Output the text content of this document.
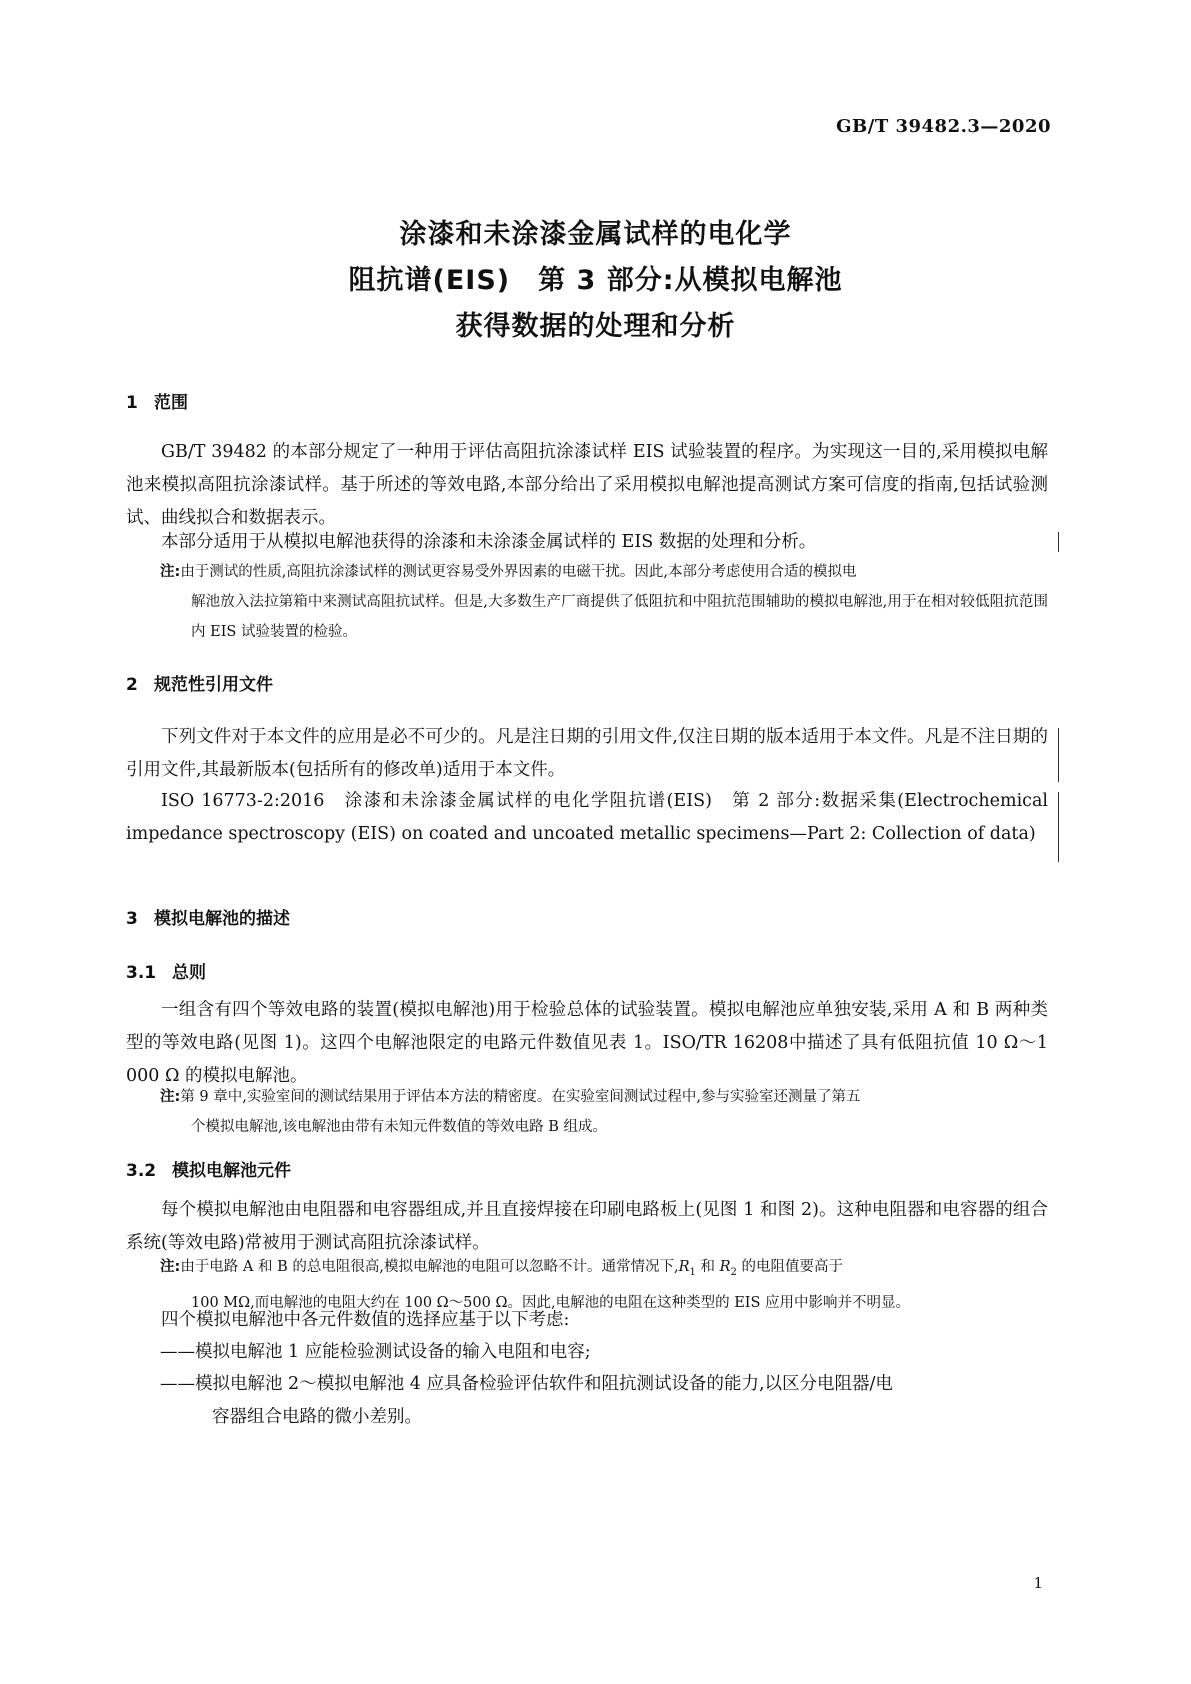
GB/T 39482.3—2020
涂漆和未涂漆金属试样的电化学
阻抗谱(EIS)　第 3 部分:从模拟电解池
获得数据的处理和分析
1 范围

GB/T 39482 的本部分规定了一种用于评估高阻抗涂漆试样 EIS 试验装置的程序。为实现这一目的,采用模拟电解池来模拟高阻抗涂漆试样。基于所述的等效电路,本部分给出了采用模拟电解池提高测试方案可信度的指南,包括试验测试、曲线拟合和数据表示。

本部分适用于从模拟电解池获得的涂漆和未涂漆金属试样的 EIS 数据的处理和分析。

注:由于测试的性质,高阻抗涂漆试样的测试更容易受外界因素的电磁干扰。因此,本部分考虑使用合适的模拟电
解池放入法拉第箱中来测试高阻抗试样。但是,大多数生产厂商提供了低阻抗和中阻抗范围辅助的模拟电解池,用于在相对较低阻抗范围内 EIS 试验装置的检验。
2 规范性引用文件

下列文件对于本文件的应用是必不可少的。凡是注日期的引用文件,仅注日期的版本适用于本文件。凡是不注日期的引用文件,其最新版本(包括所有的修改单)适用于本文件。

ISO 16773-2:2016　涂漆和未涂漆金属试样的电化学阻抗谱(EIS)　第 2 部分:数据采集(Electrochemical impedance spectroscopy (EIS) on coated and uncoated metallic specimens—Part 2: Collection of data)

3 模拟电解池的描述
3.1 总则

一组含有四个等效电路的装置(模拟电解池)用于检验总体的试验装置。模拟电解池应单独安装,采用 A 和 B 两种类型的等效电路(见图 1)。这四个电解池限定的电路元件数值见表 1。ISO/TR 16208中描述了具有低阻抗值 10 Ω～1 000 Ω 的模拟电解池。

注:第 9 章中,实验室间的测试结果用于评估本方法的精密度。在实验室间测试过程中,参与实验室还测量了第五
个模拟电解池,该电解池由带有未知元件数值的等效电路 B 组成。
3.2 模拟电解池元件

每个模拟电解池由电阻器和电容器组成,并且直接焊接在印刷电路板上(见图 1 和图 2)。这种电阻器和电容器的组合系统(等效电路)常被用于测试高阻抗涂漆试样。

注:由于电路 A 和 B 的总电阻很高,模拟电解池的电阻可以忽略不计。通常情况下$,R_1$ 和 $R_2$ 的电阻值要高于
100 MΩ,而电解池的电阻大约在 100 Ω～500 Ω。因此,电解池的电阻在这种类型的 EIS 应用中影响并不明显。

四个模拟电解池中各元件数值的选择应基于以下考虑:

——模拟电解池 1 应能检验测试设备的输入电阻和电容;

——模拟电解池 2～模拟电解池 4 应具备检验评估软件和阻抗测试设备的能力,以区分电阻器/电
容器组合电路的微小差别。

1
